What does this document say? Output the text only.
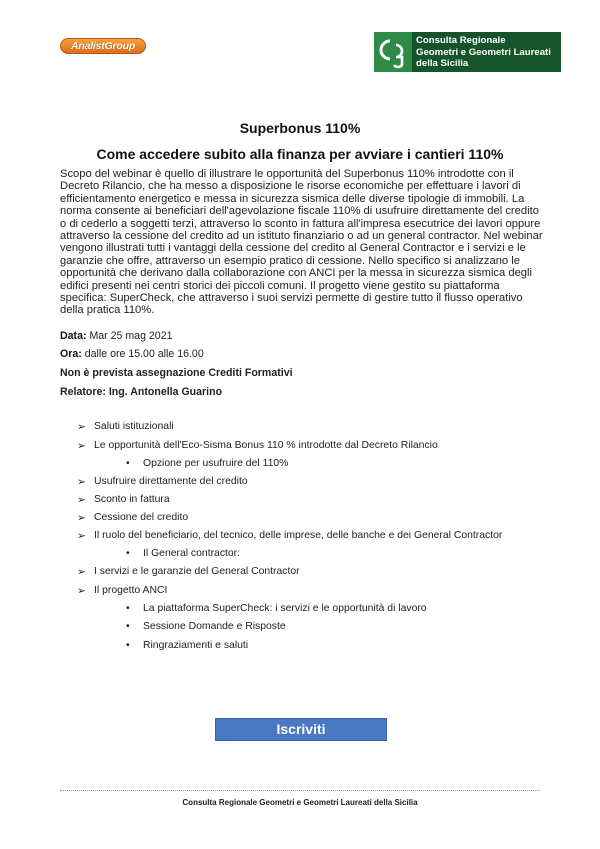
AnalistGroup	Consulta Regionale
Geometri e Geometri Laureati
della Sicilia
Superbonus 110%
Come accedere subito alla finanza per avviare i cantieri 110%
Scopo del webinar è quello di illustrare le opportunità del Superbonus 110% introdotte con il Decreto Rilancio, che ha messo a disposizione le risorse economiche per effettuare i lavori di efficientamento energetico e messa in sicurezza sismica delle diverse tipologie di immobili. La norma consente ai beneficiari dell'agevolazione fiscale 110% di usufruire direttamente del credito o di cederlo a soggetti terzi, attraverso lo sconto in fattura all'impresa esecutrice dei lavori oppure attraverso la cessione del credito ad un istituto finanziario o ad un general contractor. Nel webinar vengono illustrati tutti i vantaggi della cessione del credito al General Contractor e i servizi e le garanzie che offre, attraverso un esempio pratico di cessione. Nello specifico si analizzano le opportunità che derivano dalla collaborazione con ANCI per la messa in sicurezza sismica degli edifici presenti nei centri storici dei piccoli comuni. Il progetto viene gestito su piattaforma specifica: SuperCheck, che attraverso i suoi servizi permette di gestire tutto il flusso operativo della pratica 110%.
Data: Mar 25 mag 2021
Ora: dalle ore 15.00 alle 16.00
Non è prevista assegnazione Crediti Formativi
Relatore: Ing. Antonella Guarino
➢ Saluti istituzionali
➢ Le opportunità dell'Eco-Sisma Bonus 110 % introdotte dal Decreto Rilancio
• Opzione per usufruire del 110%
➢ Usufruire direttamente del credito
➢ Sconto in fattura
➢ Cessione del credito
➢ Il ruolo del beneficiario, del tecnico, delle imprese, delle banche e dei General Contractor
• Il General contractor:
➢ I servizi e le garanzie del General Contractor
➢ Il progetto ANCI
• La piattaforma SuperCheck: i servizi e le opportunità di lavoro
• Sessione Domande e Risposte
• Ringraziamenti e saluti
Iscriviti
Consulta Regionale Geometri e Geometri Laureati della Sicilia
